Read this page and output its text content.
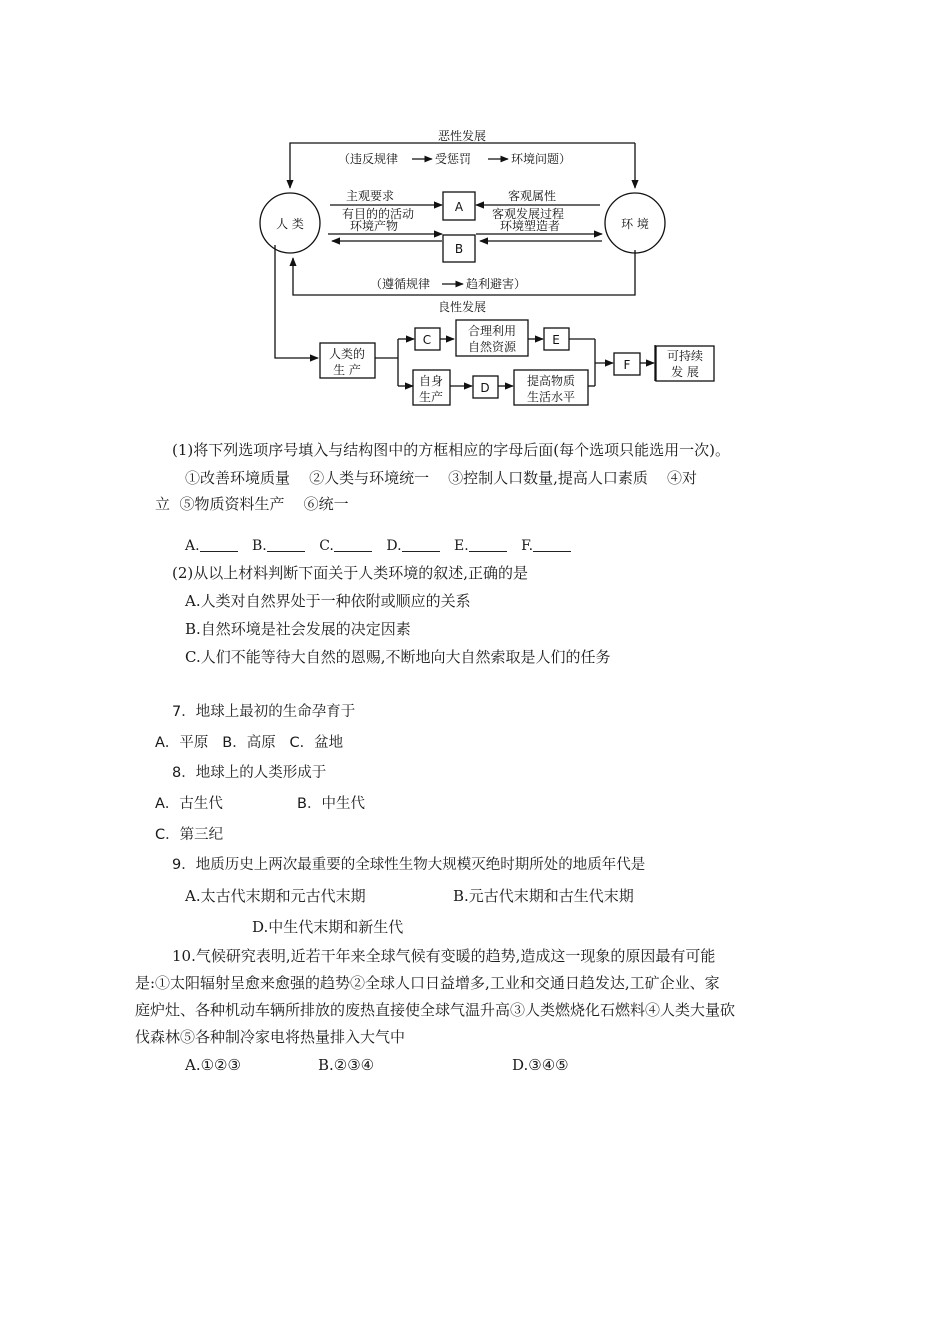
人 类	环 境
恶性发展
（违反规律	受惩罚	环境问题）
主观要求
有目的的活动
客观属性
客观发展过程
环境产物	环境塑造者
（遵循规律	趋利避害）
良性发展
A
B
C
D
E
F
人类的
生 产
合理利用
自然资源
自身
生产
提高物质
生活水平
可持续
发 展
(1)将下列选项序号填入与结构图中的方框相应的字母后面(每个选项只能选用一次)。
①改善环境质量    ②人类与环境统一    ③控制人口数量,提高人口素质    ④对
立  ⑤物质资料生产    ⑥统一
A.	B.	C.	D.	E.	F.
(2)从以上材料判断下面关于人类环境的叙述,正确的是
A.人类对自然界处于一种依附或顺应的关系
B.自然环境是社会发展的决定因素
C.人们不能等待大自然的恩赐,不断地向大自然索取是人们的任务
7．地球上最初的生命孕育于
A．平原   B．高原   C．盆地
8．地球上的人类形成于
A．古生代	B．中生代
C．第三纪
9．地质历史上两次最重要的全球性生物大规模灭绝时期所处的地质年代是
A.太古代末期和元古代末期	B.元古代末期和古生代末期
D.中生代末期和新生代
10.气候研究表明,近若干年来全球气候有变暖的趋势,造成这一现象的原因最有可能
是:①太阳辐射呈愈来愈强的趋势②全球人口日益增多,工业和交通日趋发达,工矿企业、家
庭炉灶、各种机动车辆所排放的废热直接使全球气温升高③人类燃烧化石燃料④人类大量砍
伐森林⑤各种制冷家电将热量排入大气中
A.①②③	B.②③④	D.③④⑤
